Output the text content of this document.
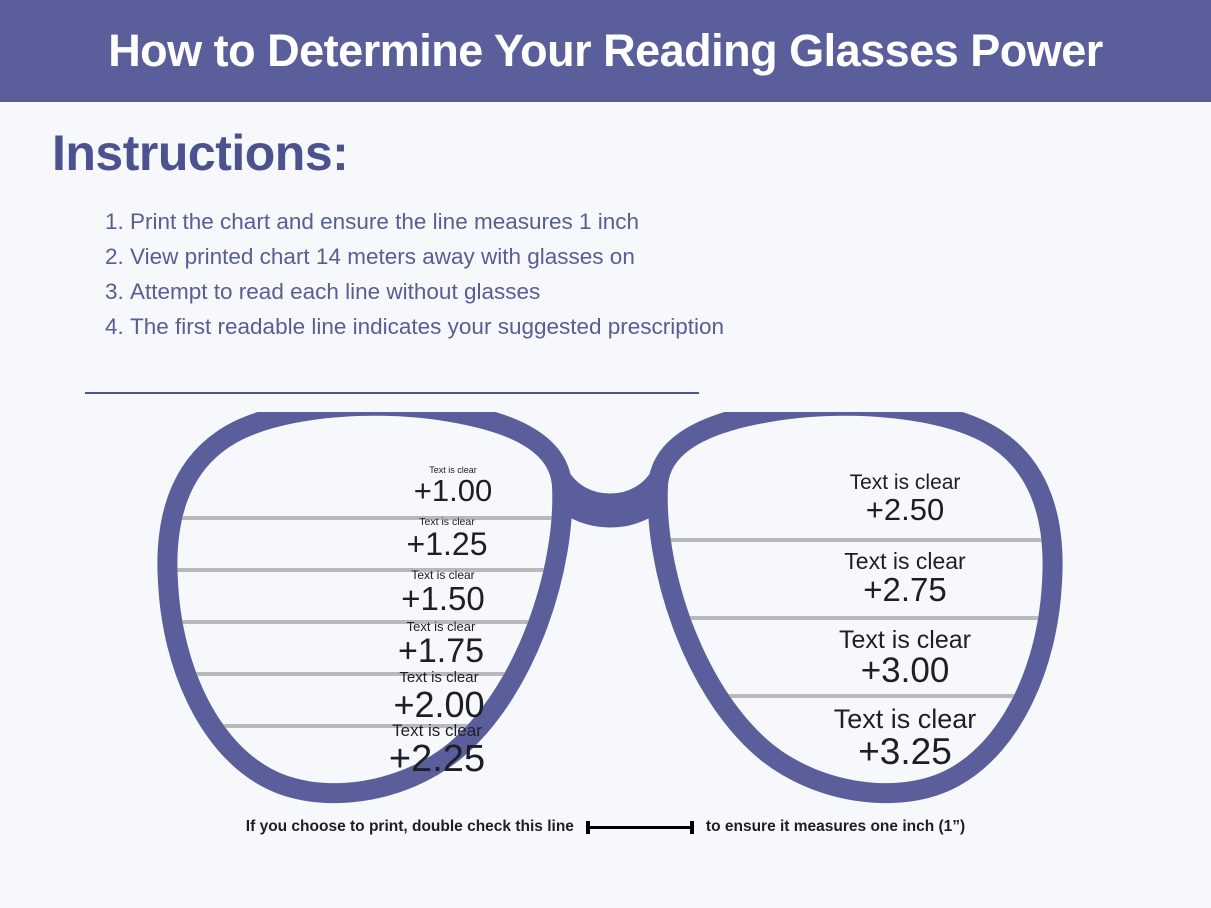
How to Determine Your Reading Glasses Power
Instructions:
1. Print the chart and ensure the line measures 1 inch
2. View printed chart 14 meters away with glasses on
3. Attempt to read each line without glasses
4. The first readable line indicates your suggested prescription
Text is clear
+1.00
Text is clear
+1.25
Text is clear
+1.50
Text is clear
+1.75
Text is clear
+2.00
Text is clear
+2.25
Text is clear
+2.50
Text is clear
+2.75
Text is clear
+3.00
Text is clear
+3.25
If you choose to print, double check this line	to ensure it measures one inch (1”)
